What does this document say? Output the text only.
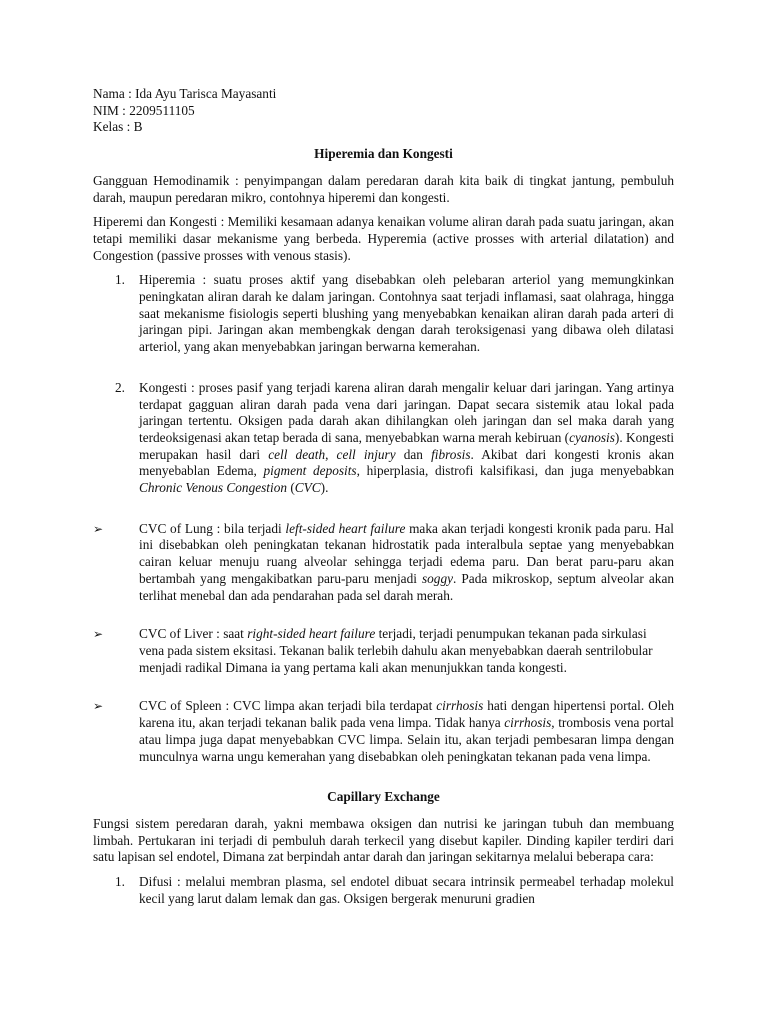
Nama : Ida Ayu Tarisca Mayasanti

NIM : 2209511105

Kelas : B

Hiperemia dan Kongesti

Gangguan Hemodinamik : penyimpangan dalam peredaran darah kita baik di tingkat jantung, pembuluh darah, maupun peredaran mikro, contohnya hiperemi dan kongesti.

Hiperemi dan Kongesti : Memiliki kesamaan adanya kenaikan volume aliran darah pada suatu jaringan, akan tetapi memiliki dasar mekanisme yang berbeda. Hyperemia (active prosses with arterial dilatation) and Congestion (passive prosses with venous stasis).

1. Hiperemia : suatu proses aktif yang disebabkan oleh pelebaran arteriol yang memungkinkan peningkatan aliran darah ke dalam jaringan. Contohnya saat terjadi inflamasi, saat olahraga, hingga saat mekanisme fisiologis seperti blushing yang menyebabkan kenaikan aliran darah pada arteri di jaringan pipi. Jaringan akan membengkak dengan darah teroksigenasi yang dibawa oleh dilatasi arteriol, yang akan menyebabkan jaringan berwarna kemerahan.
2. Kongesti : proses pasif yang terjadi karena aliran darah mengalir keluar dari jaringan. Yang artinya terdapat gagguan aliran darah pada vena dari jaringan. Dapat secara sistemik atau lokal pada jaringan tertentu. Oksigen pada darah akan dihilangkan oleh jaringan dan sel maka darah yang terdeoksigenasi akan tetap berada di sana, menyebabkan warna merah kebiruan (cyanosis). Kongesti merupakan hasil dari cell death, cell injury dan fibrosis. Akibat dari kongesti kronis akan menyebablan Edema, pigment deposits, hiperplasia, distrofi kalsifikasi, dan juga menyebabkan Chronic Venous Congestion (CVC).
➢	CVC of Lung : bila terjadi left-sided heart failure maka akan terjadi kongesti kronik pada paru. Hal ini disebabkan oleh peningkatan tekanan hidrostatik pada interalbula septae yang menyebabkan cairan keluar menuju ruang alveolar sehingga terjadi edema paru. Dan berat paru-paru akan bertambah yang mengakibatkan paru-paru menjadi soggy. Pada mikroskop, septum alveolar akan terlihat menebal dan ada pendarahan pada sel darah merah.
➢	CVC of Liver : saat right-sided heart failure terjadi, terjadi penumpukan tekanan pada sirkulasi vena pada sistem eksitasi. Tekanan balik terlebih dahulu akan menyebabkan daerah sentrilobular menjadi radikal Dimana ia yang pertama kali akan menunjukkan tanda kongesti.
➢	CVC of Spleen : CVC limpa akan terjadi bila terdapat cirrhosis hati dengan hipertensi portal. Oleh karena itu, akan terjadi tekanan balik pada vena limpa. Tidak hanya cirrhosis, trombosis vena portal atau limpa juga dapat menyebabkan CVC limpa. Selain itu, akan terjadi pembesaran limpa dengan munculnya warna ungu kemerahan yang disebabkan oleh peningkatan tekanan pada vena limpa.

Capillary Exchange

Fungsi sistem peredaran darah, yakni membawa oksigen dan nutrisi ke jaringan tubuh dan membuang limbah. Pertukaran ini terjadi di pembuluh darah terkecil yang disebut kapiler. Dinding kapiler terdiri dari satu lapisan sel endotel, Dimana zat berpindah antar darah dan jaringan sekitarnya melalui beberapa cara:

1. Difusi : melalui membran plasma, sel endotel dibuat secara intrinsik permeabel terhadap molekul kecil yang larut dalam lemak dan gas. Oksigen bergerak menuruni gradien
